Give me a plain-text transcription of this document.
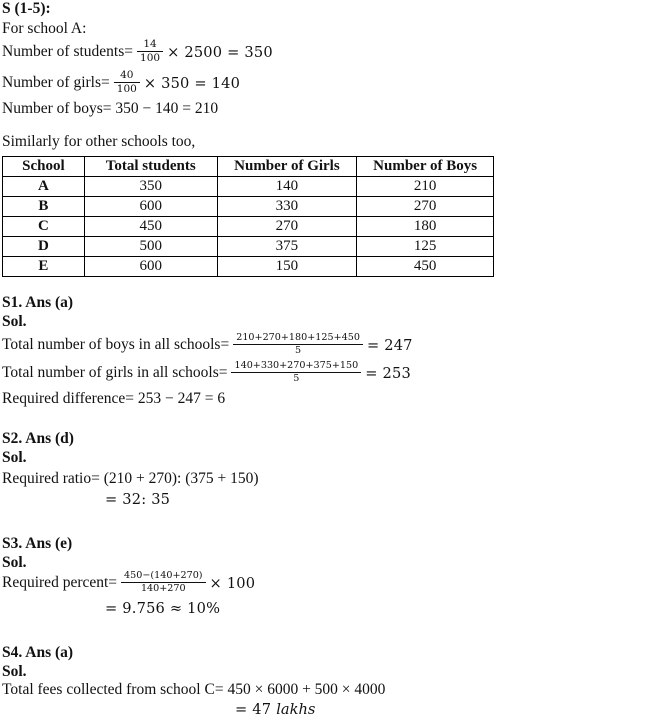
S (1-5):
For school A:
Number of students= $\frac{14}{100} \times 2500 = 350$
Number of girls= $\frac{40}{100} \times 350 = 140$
Number of boys= 350 − 140 = 210
Similarly for other schools too,
School	Total students	Number of Girls	Number of Boys
A	350	140	210
B	600	330	270
C	450	270	180
D	500	375	125
E	600	150	450
S1. Ans (a)
Sol.
Total number of boys in all schools= $\frac{210+270+180+125+450}{5} = 247$
Total number of girls in all schools= $\frac{140+330+270+375+150}{5} = 253$
Required difference= 253 − 247 = 6
S2. Ans (d)
Sol.
Required ratio= (210 + 270): (375 + 150)
= 32: 35
S3. Ans (e)
Sol.
Required percent= $\frac{450-(140+270)}{140+270} \times 100$
= 9.756 ≈ 10%
S4. Ans (a)
Sol.
Total fees collected from school C= 450 × 6000 + 500 × 4000
= 47 lakhs
